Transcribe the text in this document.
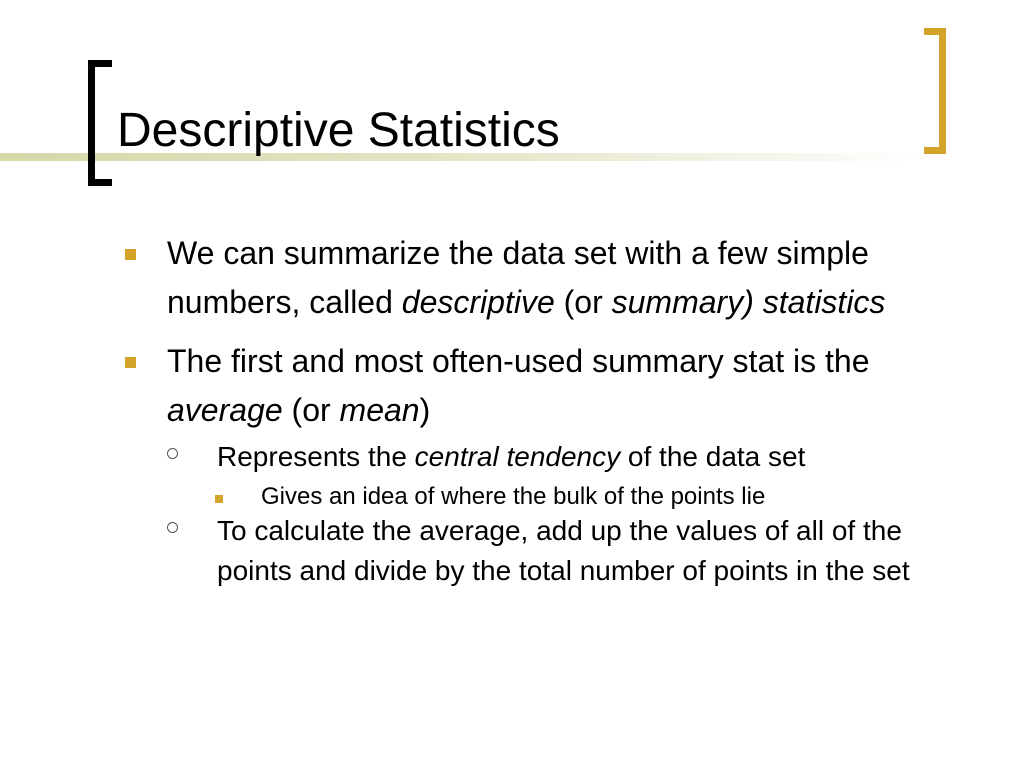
Descriptive Statistics
We can summarize the data set with a few simple numbers, called descriptive (or summary) statistics
The first and most often-used summary stat is the average (or mean)
Represents the central tendency of the data set
Gives an idea of where the bulk of the points lie
To calculate the average, add up the values of all of the points and divide by the total number of points in the set
